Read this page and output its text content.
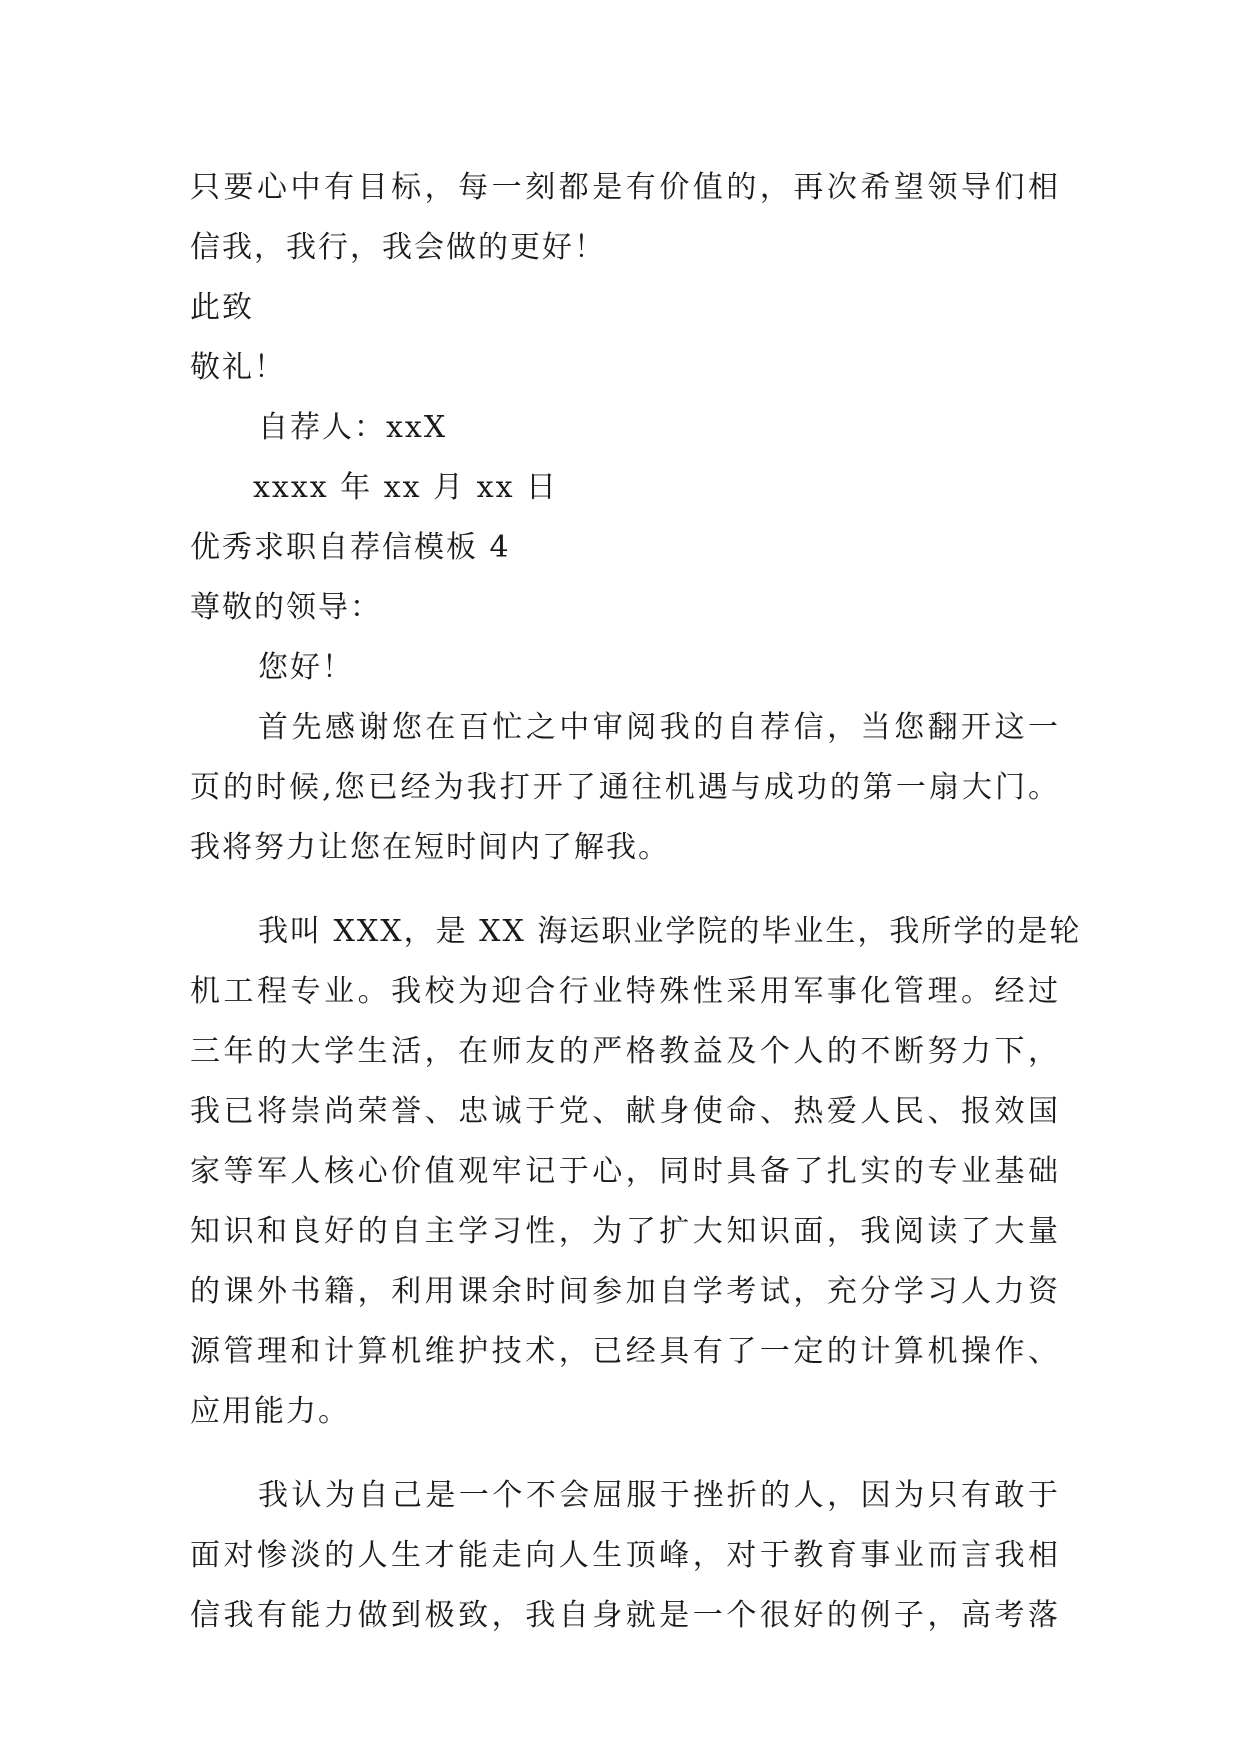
只要心中有目标，每一刻都是有价值的，再次希望领导们相
信我，我行，我会做的更好！
此致
敬礼！
自荐人：xxX
xxxx 年 xx 月 xx 日
优秀求职自荐信模板 4
尊敬的领导：
您好！
首先感谢您在百忙之中审阅我的自荐信，当您翻开这一
页的时候,您已经为我打开了通往机遇与成功的第一扇大门。
我将努力让您在短时间内了解我。
我叫 XXX，是 XX 海运职业学院的毕业生，我所学的是轮
机工程专业。我校为迎合行业特殊性采用军事化管理。经过
三年的大学生活，在师友的严格教益及个人的不断努力下，
我已将崇尚荣誉、忠诚于党、献身使命、热爱人民、报效国
家等军人核心价值观牢记于心，同时具备了扎实的专业基础
知识和良好的自主学习性，为了扩大知识面，我阅读了大量
的课外书籍，利用课余时间参加自学考试，充分学习人力资
源管理和计算机维护技术，已经具有了一定的计算机操作、
应用能力。
我认为自己是一个不会屈服于挫折的人，因为只有敢于
面对惨淡的人生才能走向人生顶峰，对于教育事业而言我相
信我有能力做到极致，我自身就是一个很好的例子，高考落
